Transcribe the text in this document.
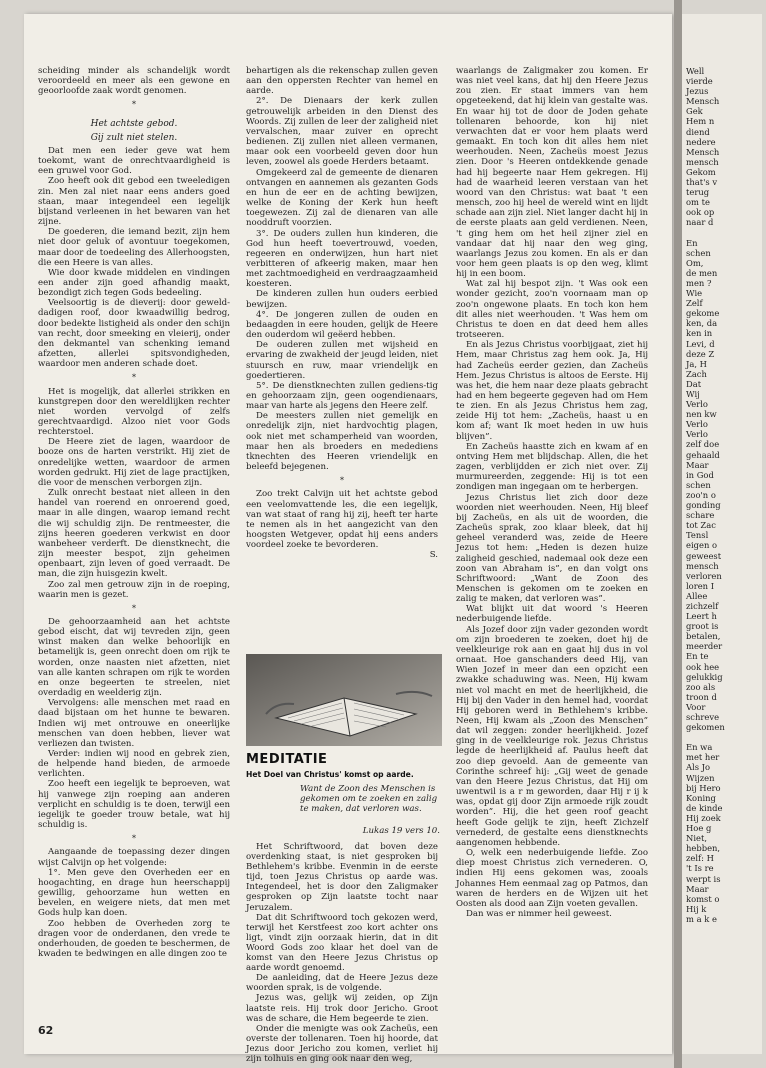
scheiding minder als schandelijk wordt veroordeeld en meer als een gewone en geoorloofde zaak wordt genomen.

*
Het achtste gebod.
Gij zult niet stelen.

Dat men een ieder geve wat hem toekomt, want de onrechtvaardigheid is een gruwel voor God.

Zoo heeft ook dit gebod een tweeledigen zin. Men zal niet naar eens anders goed staan, maar integendeel een iegelijk bijstand verleenen in het bewaren van het zijne.

De goederen, die iemand bezit, zijn hem niet door geluk of avontuur toegekomen, maar door de toedeeling des Allerhoogsten, die een Heere is van alles.

Wie door kwade middelen en vindingen een ander zijn goed afhandig maakt, bezondigt zich tegen Gods bedeeling.

Veelsoortig is de dieverij: door geweld-dadigen roof, door kwaadwillig bedrog, door bedekte listigheid als onder den schijn van recht, door smeeking en vleierij, onder den dekmantel van schenking iemand afzetten, allerlei spitsvondigheden, waardoor men anderen schade doet.

*

Het is mogelijk, dat allerlei strikken en kunstgrepen door den wereldlijken rechter niet worden vervolgd of zelfs gerechtvaardigd. Alzoo niet voor Gods rechterstoel.

De Heere ziet de lagen, waardoor de booze ons de harten verstrikt. Hij ziet de onredelijke wetten, waardoor de armen worden gedrukt. Hij ziet de lage practijken, die voor de menschen verborgen zijn.

Zulk onrecht bestaat niet alleen in den handel van roerend en onroerend goed, maar in alle dingen, waarop iemand recht die wij schuldig zijn. De rentmeester, die zijns heeren goederen verkwist en door wanbeheer verderft. De dienstknecht, die zijn meester bespot, zijn geheimen openbaart, zijn leven of goed verraadt. De man, die zijn huisgezin kwelt.

Zoo zal men getrouw zijn in de roeping, waarin men is gezet.

*

De gehoorzaamheid aan het achtste gebod eischt, dat wij tevreden zijn, geen winst maken dan welke behoorlijk en betamelijk is, geen onrecht doen om rijk te worden, onze naasten niet afzetten, niet van alle kanten schrapen om rijk te worden en onze begeerten te streelen, niet overdadig en weelderig zijn.

Vervolgens: alle menschen met raad en daad bijstaan om het hunne te bewaren. Indien wij met ontrouwe en oneerlijke menschen van doen hebben, liever wat verliezen dan twisten.

Verder: indien wij nood en gebrek zien, de helpende hand bieden, de armoede verlichten.

Zoo heeft een iegelijk te beproeven, wat hij vanwege zijn roeping aan anderen verplicht en schuldig is te doen, terwijl een iegelijk te goeder trouw betale, wat hij schuldig is.

*

Aangaande de toepassing dezer dingen wijst Calvijn op het volgende:

1°. Men geve den Overheden eer en hoogachting, en drage hun heerschappij gewillig, gehoorzame hun wetten en bevelen, en weigere niets, dat men met Gods hulp kan doen.

Zoo hebben de Overheden zorg te dragen voor de onderdanen, den vrede te onderhouden, de goeden te beschermen, de kwaden te bedwingen en alle dingen zoo te

behartigen als die rekenschap zullen geven aan den oppersten Rechter van hemel en aarde.

2°. De Dienaars der kerk zullen getrouwelijk arbeiden in den Dienst des Woords. Zij zullen de leer der zaligheid niet vervalschen, maar zuiver en oprecht bedienen. Zij zullen niet alleen vermanen, maar ook een voorbeeld geven door hun leven, zoowel als goede Herders betaamt.

Omgekeerd zal de gemeente de dienaren ontvangen en aannemen als gezanten Gods en hun de eer en de achting bewijzen, welke de Koning der Kerk hun heeft toegewezen. Zij zal de dienaren van alle nooddruft voorzien.

3°. De ouders zullen hun kinderen, die God hun heeft toevertrouwd, voeden, regeeren en onderwijzen, hun hart niet verbitteren of afkeerig maken, maar hen met zachtmoedigheid en verdraagzaamheid koesteren.

De kinderen zullen hun ouders eerbied bewijzen.

4°. De jongeren zullen de ouden en bedaagden in eere houden, gelijk de Heere den ouderdom wil geëerd hebben.

De ouderen zullen met wijsheid en ervaring de zwakheid der jeugd leiden, niet stuursch en ruw, maar vriendelijk en goedertieren.

5°. De dienstknechten zullen gediens-tig en gehoorzaam zijn, geen oogendienaars, maar van harte als jegens den Heere zelf.

De meesters zullen niet gemelijk en onredelijk zijn, niet hardvochtig plagen, ook niet met schamperheid van woorden, maar hen als broeders en medediens tknechten des Heeren vriendelijk en beleefd bejegenen.

*

Zoo trekt Calvijn uit het achtste gebod een veelomvattende les, die een iegelijk, van wat staat of rang hij zij, heeft ter harte te nemen als in het aangezicht van den hoogsten Wetgever, opdat hij eens anders voordeel zoeke te bevorderen.

S.
MEDITATIE
Het Doel van Christus' komst op aarde.
Want de Zoon des Menschen is gekomen om te zoeken en zalig te maken, dat verloren was.
Lukas 19 vers 10.

Het Schriftwoord, dat boven deze overdenking staat, is niet gesproken bij Bethlehem's kribbe. Evenmin in de eerste tijd, toen Jezus Christus op aarde was. Integendeel, het is door den Zaligmaker gesproken op Zijn laatste tocht naar Jeruzalem.

Dat dit Schriftwoord toch gekozen werd, terwijl het Kerstfeest zoo kort achter ons ligt, vindt zijn oorzaak hierin, dat in dit Woord Gods zoo klaar het doel van de komst van den Heere Jezus Christus op aarde wordt genoemd.

De aanleiding, dat de Heere Jezus deze woorden sprak, is de volgende.

Jezus was, gelijk wij zeiden, op Zijn laatste reis. Hij trok door Jericho. Groot was de schare, die Hem begeerde te zien.

Onder die menigte was ook Zacheüs, een overste der tollenaren. Toen hij hoorde, dat Jezus door Jericho zou komen, verliet hij zijn tolhuis en ging ook naar den weg,

waarlangs de Zaligmaker zou komen. Er was niet veel kans, dat hij den Heere Jezus zou zien. Er staat immers van hem opgeteekend, dat hij klein van gestalte was. En waar hij tot de door de Joden gehate tollenaren behoorde, kon hij niet verwachten dat er voor hem plaats werd gemaakt. En toch kon dit alles hem niet weerhouden. Neen, Zacheüs moest Jezus zien. Door 's Heeren ontdekkende genade had hij begeerte naar Hem gekregen. Hij had de waarheid leeren verstaan van het woord van den Christus: wat baat 't een mensch, zoo hij heel de wereld wint en lijdt schade aan zijn ziel. Niet langer dacht hij in de eerste plaats aan geld verdienen. Neen, 't ging hem om het heil zijner ziel en vandaar dat hij naar den weg ging, waarlangs Jezus zou komen. En als er dan voor hem geen plaats is op den weg, klimt hij in een boom.

Wat zal hij bespot zijn. 't Was ook een wonder gezicht, zoo'n voornaam man op zoo'n ongewone plaats. En toch kon hem dit alles niet weerhouden. 't Was hem om Christus te doen en dat deed hem alles trotseeren.

En als Jezus Christus voorbijgaat, ziet hij Hem, maar Christus zag hem ook. Ja, Hij had Zacheüs eerder gezien, dan Zacheüs Hem. Jezus Christus is altoos de Eerste. Hij was het, die hem naar deze plaats gebracht had en hem begeerte gegeven had om Hem te zien. En als Jezus Christus hem zag, zeide Hij tot hem: „Zacheüs, haast u en kom af; want Ik moet heden in uw huis blijven”.

En Zacheüs haastte zich en kwam af en ontving Hem met blijdschap. Allen, die het zagen, verblijdden er zich niet over. Zij murmureerden, zeggende: Hij is tot een zondigen man ingegaan om te herbergen.

Jezus Christus liet zich door deze woorden niet weerhouden. Neen, Hij bleef bij Zacheüs, en als uit de woorden, die Zacheüs sprak, zoo klaar bleek, dat hij geheel veranderd was, zeide de Heere Jezus tot hem: „Heden is dezen huize zaligheid geschied, nademaal ook deze een zoon van Abraham is”, en dan volgt ons Schriftwoord: „Want de Zoon des Menschen is gekomen om te zoeken en zalig te maken, dat verloren was”.

Wat blijkt uit dat woord 's Heeren nederbuigende liefde.

Als Jozef door zijn vader gezonden wordt om zijn broederen te zoeken, doet hij de veelkleurige rok aan en gaat hij dus in vol ornaat. Hoe ganschanders deed Hij, van Wien Jozef in meer dan een opzicht een zwakke schaduwing was. Neen, Hij kwam niet vol macht en met de heerlijkheid, die Hij bij den Vader in den hemel had, voordat Hij geboren werd in Bethlehem's kribbe. Neen, Hij kwam als „Zoon des Menschen” dat wil zeggen: zonder heerlijkheid. Jozef ging in de veelkleurige rok. Jezus Christus legde de heerlijkheid af. Paulus heeft dat zoo diep gevoeld. Aan de gemeente van Corinthe schreef hij: „Gij weet de genade van den Heere Jezus Christus, dat Hij om uwentwil is a r m geworden, daar Hij r ij k was, opdat gij door Zijn armoede rijk zoudt worden”. Hij, die het geen roof geacht heeft Gode gelijk te zijn, heeft Zichzelf vernederd, de gestalte eens dienstknechts aangenomen hebbende.

O, welk een nederbuigende liefde. Zoo diep moest Christus zich vernederen. O, indien Hij eens gekomen was, zooals Johannes Hem eenmaal zag op Patmos, dan waren de herders en de Wijzen uit het Oosten als dood aan Zijn voeten gevallen.

Dan was er nimmer heil geweest.

62
Well
vierde
Jezus
Mensch
Gek
Hem n
diend
nedere
Mensch
mensch
Gekom
that's v
terug
om te
ook op
naar d

En
schen
Om,
de men
men ?
Wie
Zelf
gekome
ken, da
ken in
Levi, d
deze Z
Ja, H
Zach
Dat
Wij
Verlo
nen kw
Verlo
Verlo
zelf doe
gehaald
Maar
in God
schen
zoo'n o
gonding
schare
tot Zac
Tensl
eigen o
geweest
mensch
verloren
loren I
Allee
zichzelf
Leert h
groot is
betalen,
meerder
En te
ook hee
gelukkig
zoo als
troon d
Voor
schreve
gekomen

En wa
met her
Als Jo
Wijzen
bij Hero
Koning
de kinde
Hij zoek
Hoe g
Niet,
hebben,
zelf: H
't Is re
werpt is
Maar
komst o
Hij k
m a k e
